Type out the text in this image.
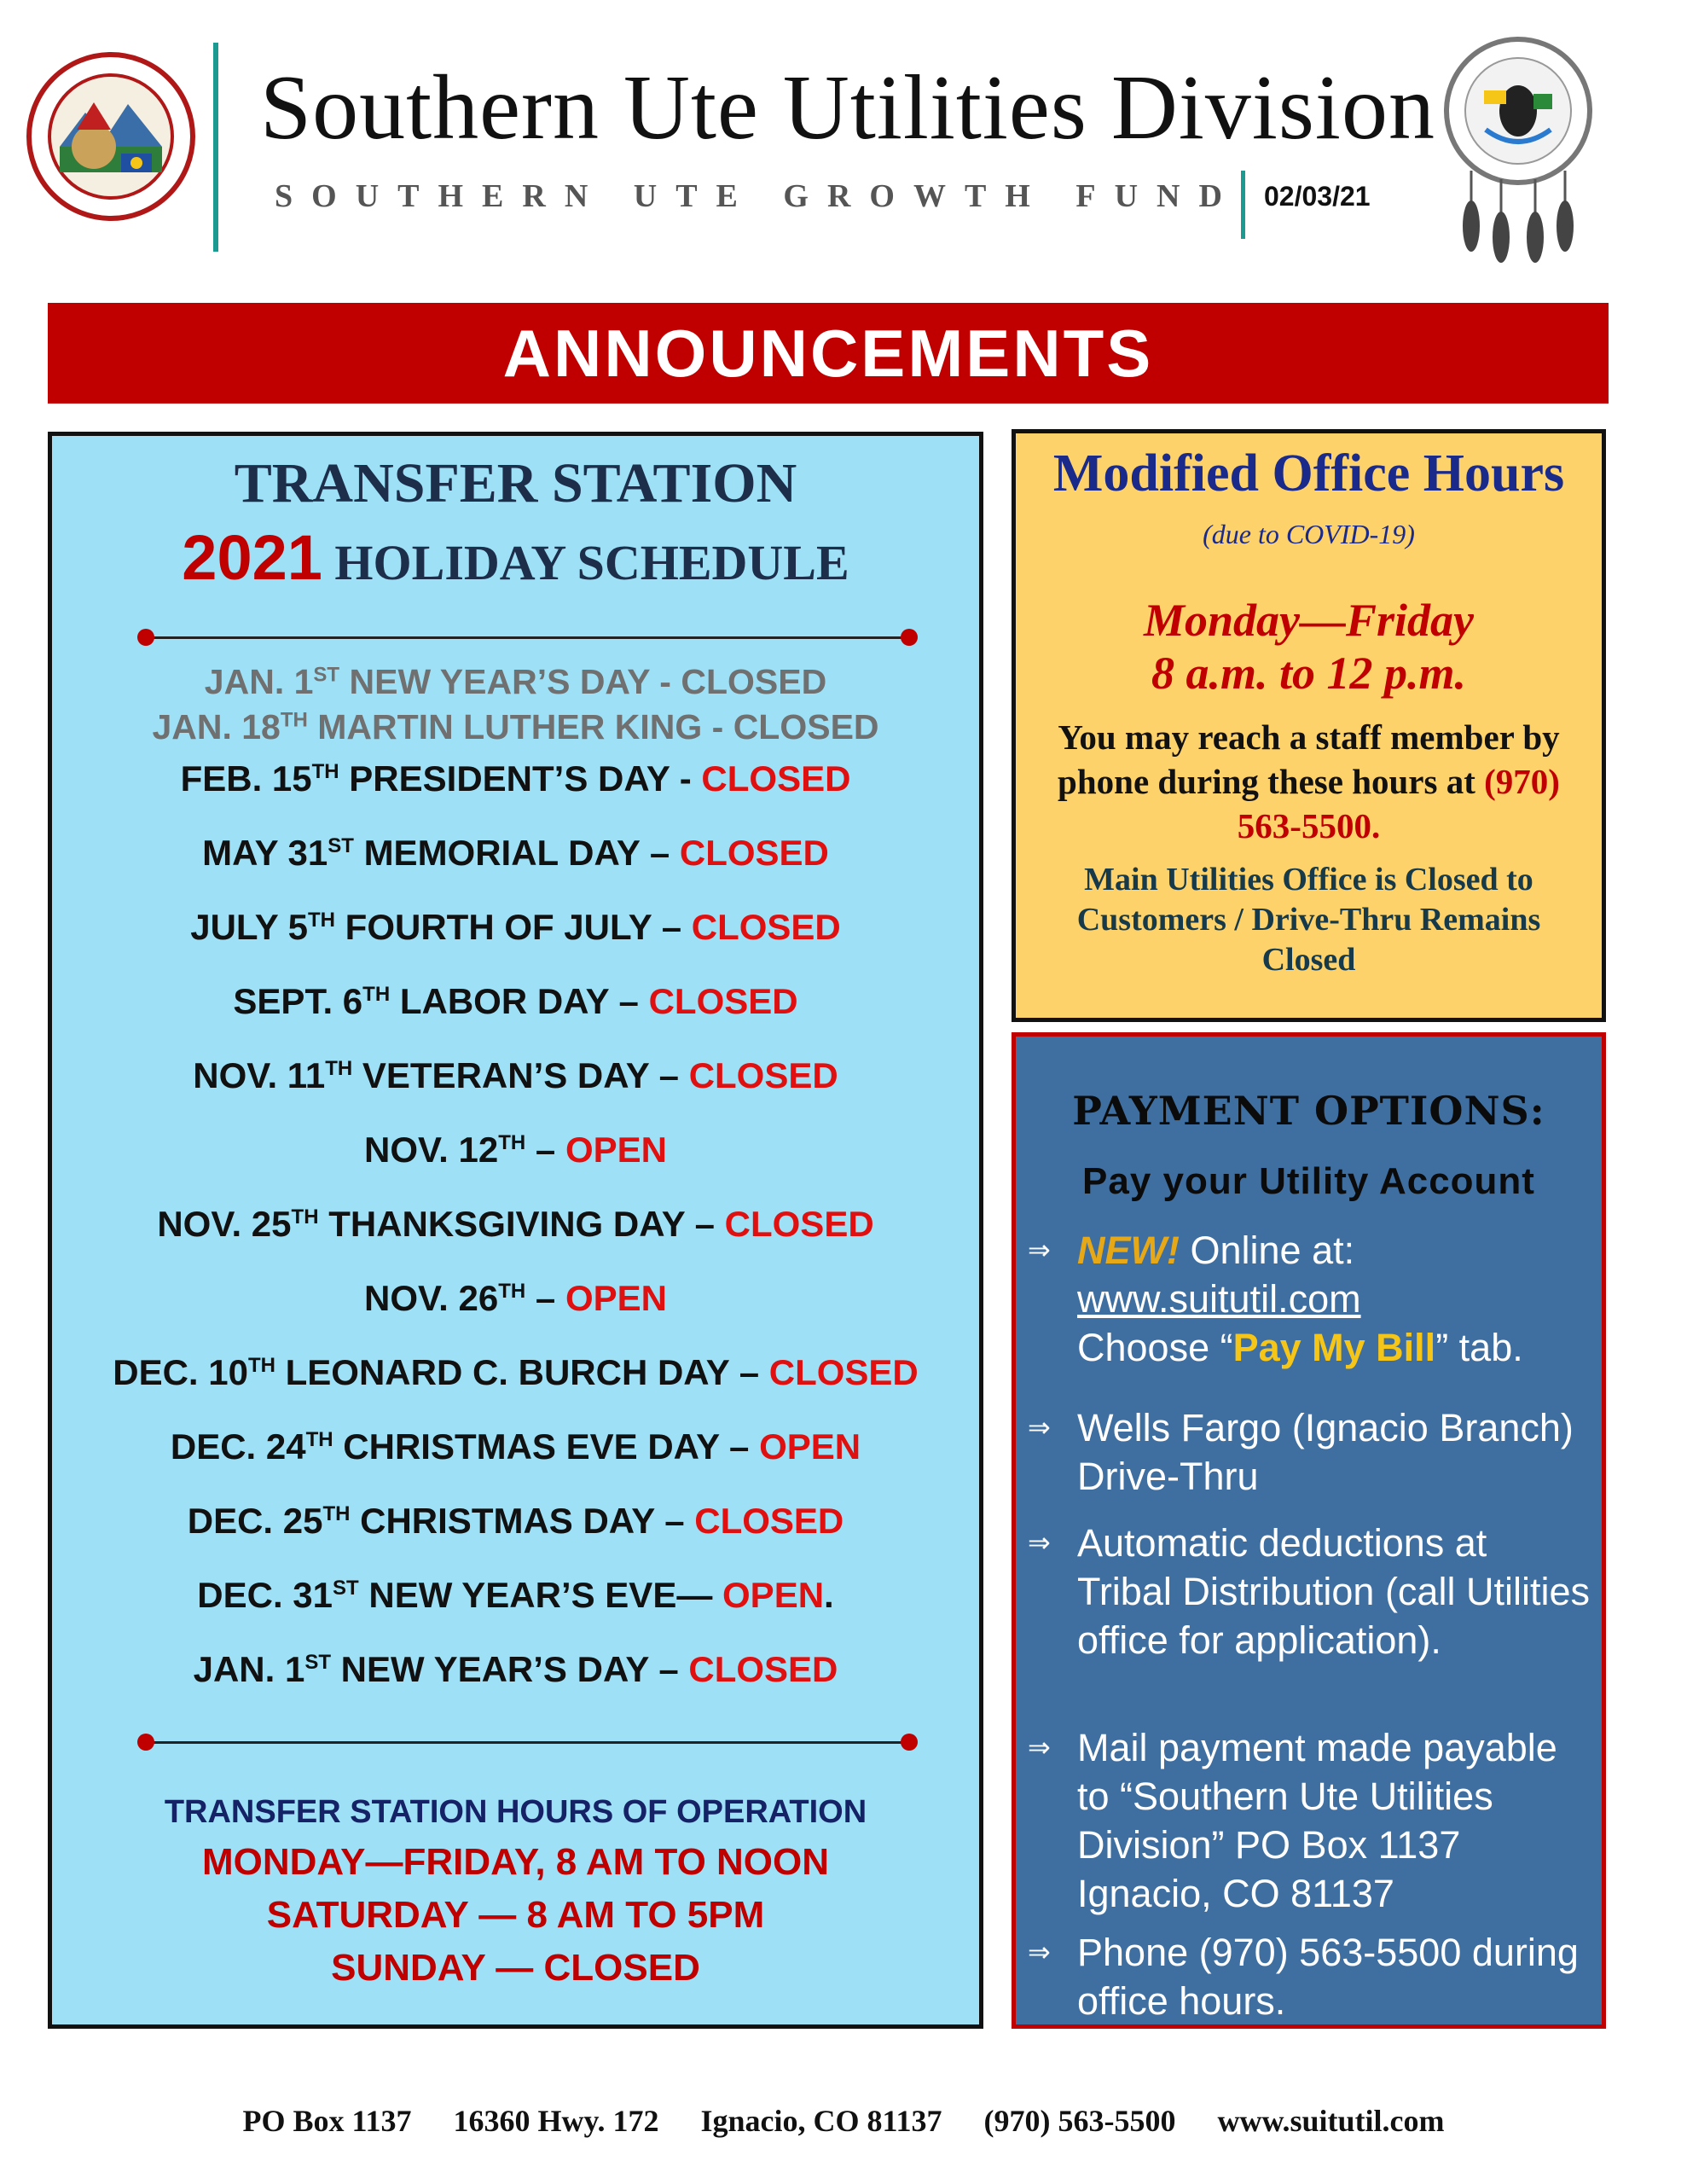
Southern Ute Utilities Division
SOUTHERN UTE GROWTH FUND 02/03/21
ANNOUNCEMENTS
TRANSFER STATION
2021 HOLIDAY SCHEDULE
JAN. 1ST NEW YEAR’S DAY - CLOSED
JAN. 18TH MARTIN LUTHER KING - CLOSED
FEB. 15TH PRESIDENT’S DAY - CLOSED
MAY 31ST MEMORIAL DAY – CLOSED
JULY 5TH FOURTH OF JULY – CLOSED
SEPT. 6TH LABOR DAY – CLOSED
NOV. 11TH VETERAN’S DAY – CLOSED
NOV. 12TH – OPEN
NOV. 25TH THANKSGIVING DAY – CLOSED
NOV. 26TH – OPEN
DEC. 10TH LEONARD C. BURCH DAY – CLOSED
DEC. 24TH CHRISTMAS EVE DAY – OPEN
DEC. 25TH CHRISTMAS DAY – CLOSED
DEC. 31ST NEW YEAR’S EVE— OPEN.
JAN. 1ST NEW YEAR’S DAY – CLOSED
TRANSFER STATION HOURS OF OPERATION
MONDAY—FRIDAY, 8 AM TO NOON
SATURDAY — 8 AM TO 5PM
SUNDAY — CLOSED
Modified Office Hours
(due to COVID-19)
Monday—Friday
8 a.m. to 12 p.m.
You may reach a staff member by phone during these hours at (970) 563-5500.
Main Utilities Office is Closed to Customers / Drive-Thru Remains Closed
PAYMENT OPTIONS:
Pay your Utility Account
⇒ NEW! Online at:
www.suitutil.com
Choose “Pay My Bill” tab.
⇒ Wells Fargo (Ignacio Branch) Drive-Thru
⇒ Automatic deductions at Tribal Distribution (call Utilities office for application).
⇒ Mail payment made payable to “Southern Ute Utilities Division” PO Box 1137 Ignacio, CO 81137
⇒ Phone (970) 563-5500 during office hours.
PO Box 1137 16360 Hwy. 172 Ignacio, CO 81137 (970) 563-5500 www.suitutil.com
